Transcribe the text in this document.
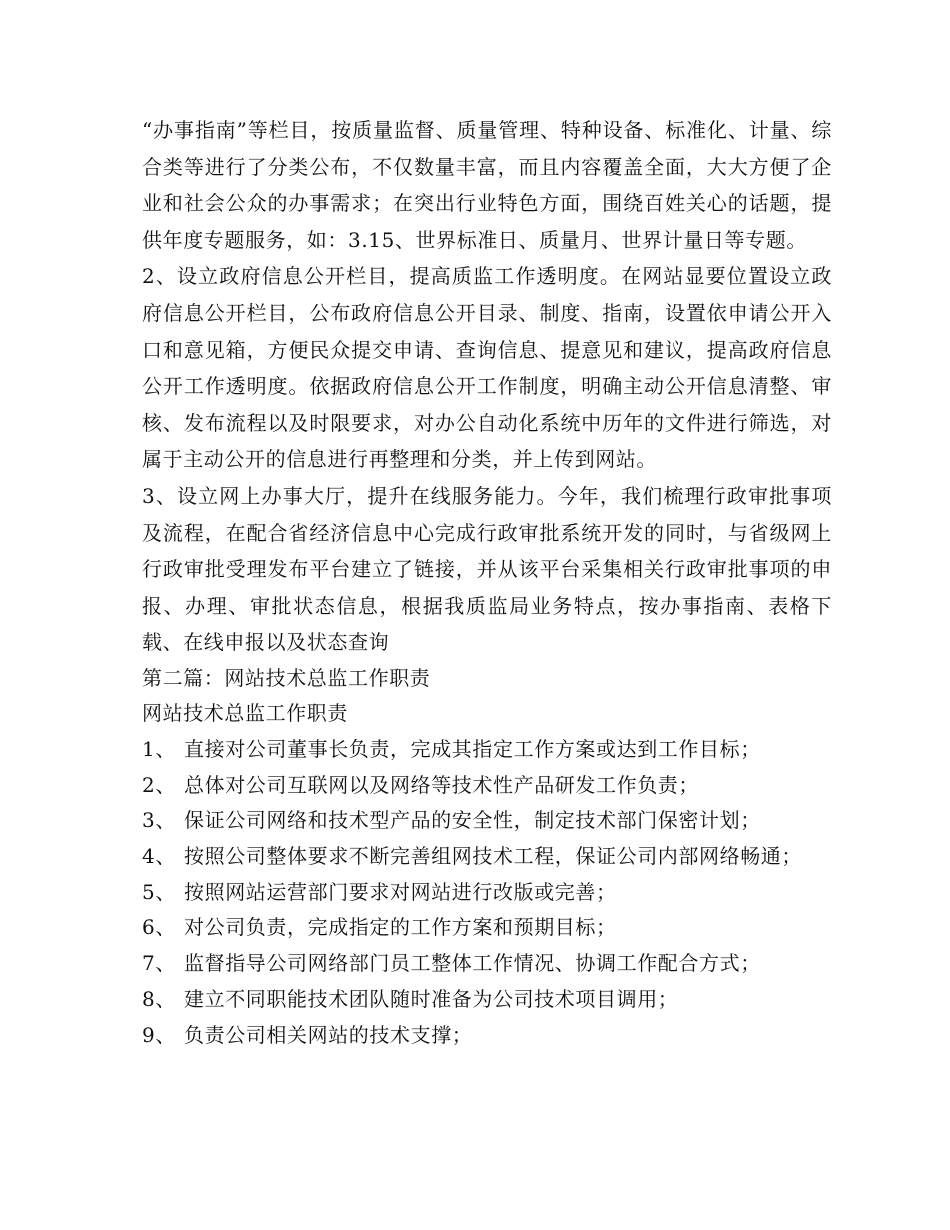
“办事指南”等栏目，按质量监督、质量管理、特种设备、标准化、计量、综合类等进行了分类公布，不仅数量丰富，而且内容覆盖全面，大大方便了企业和社会公众的办事需求；在突出行业特色方面，围绕百姓关心的话题，提供年度专题服务，如：3.15、世界标准日、质量月、世界计量日等专题。

2、设立政府信息公开栏目，提高质监工作透明度。在网站显要位置设立政府信息公开栏目，公布政府信息公开目录、制度、指南，设置依申请公开入口和意见箱，方便民众提交申请、查询信息、提意见和建议，提高政府信息公开工作透明度。依据政府信息公开工作制度，明确主动公开信息清整、审核、发布流程以及时限要求，对办公自动化系统中历年的文件进行筛选，对属于主动公开的信息进行再整理和分类，并上传到网站。

3、设立网上办事大厅，提升在线服务能力。今年，我们梳理行政审批事项及流程，在配合省经济信息中心完成行政审批系统开发的同时，与省级网上行政审批受理发布平台建立了链接，并从该平台采集相关行政审批事项的申报、办理、审批状态信息，根据我质监局业务特点，按办事指南、表格下载、在线申报以及状态查询

第二篇：网站技术总监工作职责

网站技术总监工作职责

1、 直接对公司董事长负责，完成其指定工作方案或达到工作目标；
2、 总体对公司互联网以及网络等技术性产品研发工作负责；
3、 保证公司网络和技术型产品的安全性，制定技术部门保密计划；
4、 按照公司整体要求不断完善组网技术工程，保证公司内部网络畅通；
5、 按照网站运营部门要求对网站进行改版或完善；
6、 对公司负责，完成指定的工作方案和预期目标；
7、 监督指导公司网络部门员工整体工作情况、协调工作配合方式；
8、 建立不同职能技术团队随时准备为公司技术项目调用；
9、 负责公司相关网站的技术支撑；
